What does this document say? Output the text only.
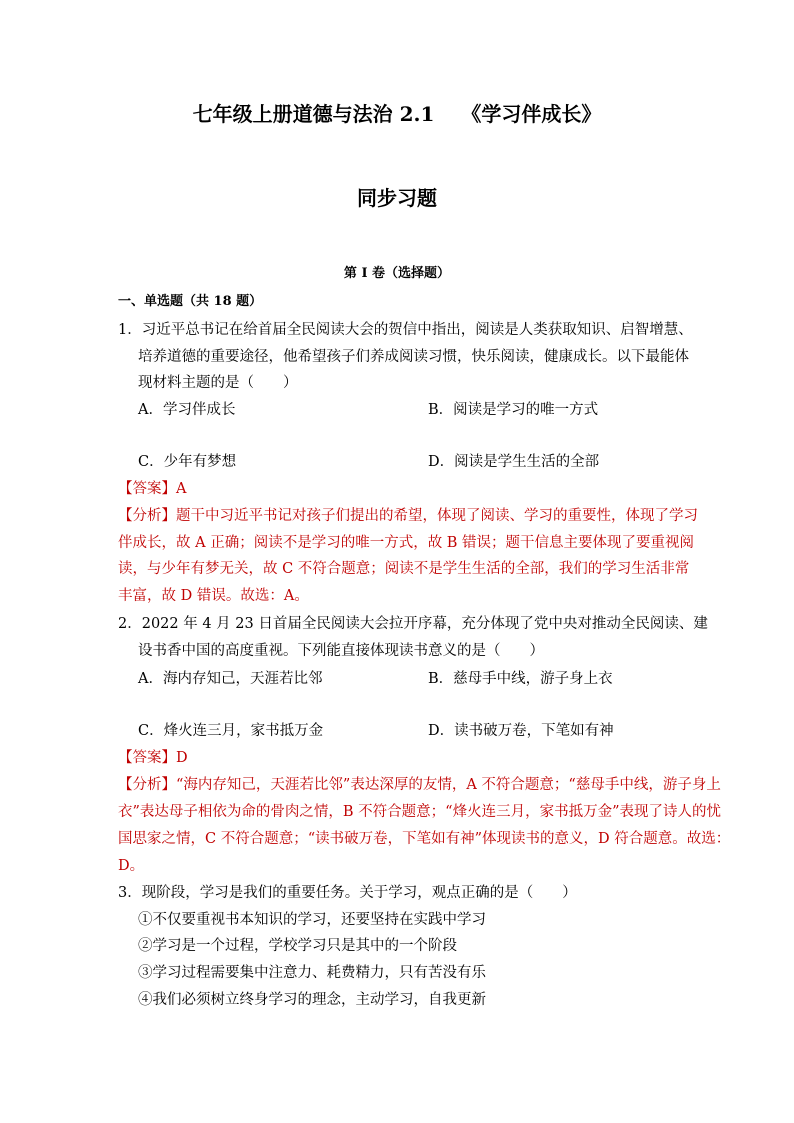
七年级上册道德与法治 2.1　 《学习伴成长》
同步习题
第 I 卷（选择题）
一、单选题（共 18 题）
1．习近平总书记在给首届全民阅读大会的贺信中指出，阅读是人类获取知识、启智增慧、
培养道德的重要途径，他希望孩子们养成阅读习惯，快乐阅读，健康成长。以下最能体
现材料主题的是（　　）
A．学习伴成长	B．阅读是学习的唯一方式
C．少年有梦想	D．阅读是学生生活的全部
【答案】A
【分析】题干中习近平书记对孩子们提出的希望，体现了阅读、学习的重要性，体现了学习
伴成长，故 A 正确；阅读不是学习的唯一方式，故 B 错误；题干信息主要体现了要重视阅
读，与少年有梦无关，故 C 不符合题意；阅读不是学生生活的全部，我们的学习生活非常
丰富，故 D 错误。故选：A。
2．2022 年 4 月 23 日首届全民阅读大会拉开序幕，充分体现了党中央对推动全民阅读、建
设书香中国的高度重视。下列能直接体现读书意义的是（　　）
A．海内存知己，天涯若比邻	B．慈母手中线，游子身上衣
C．烽火连三月，家书抵万金	D．读书破万卷，下笔如有神
【答案】D
【分析】“海内存知己，天涯若比邻”表达深厚的友情，A 不符合题意；“慈母手中线，游子身上
衣”表达母子相依为命的骨肉之情，B 不符合题意；“烽火连三月，家书抵万金”表现了诗人的忧
国思家之情，C 不符合题意；“读书破万卷，下笔如有神”体现读书的意义，D 符合题意。故选：
D。
3．现阶段，学习是我们的重要任务。关于学习，观点正确的是（　　）
①不仅要重视书本知识的学习，还要坚持在实践中学习
②学习是一个过程，学校学习只是其中的一个阶段
③学习过程需要集中注意力、耗费精力，只有苦没有乐
④我们必须树立终身学习的理念，主动学习，自我更新
